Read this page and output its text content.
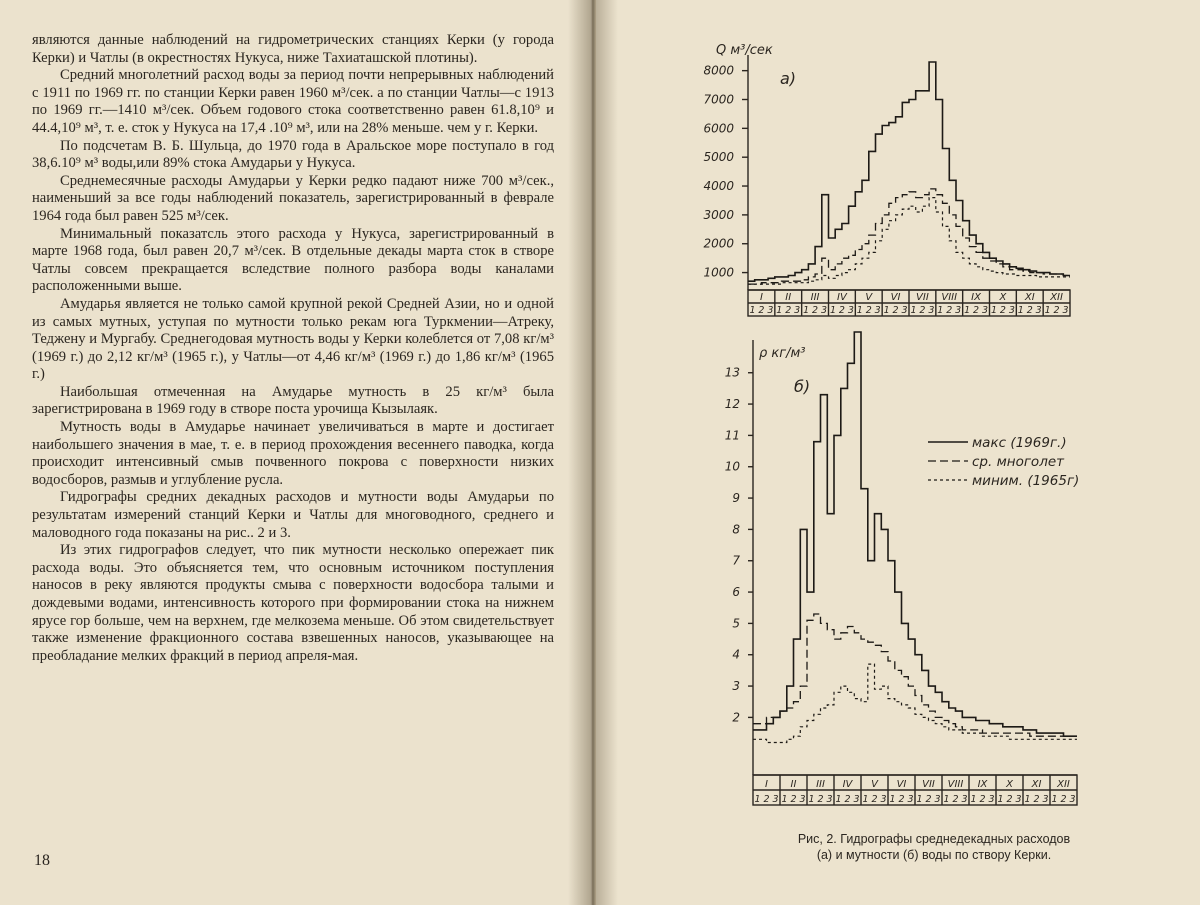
являются данные наблюдений на гидрометрических станциях Керки (у города Керки) и Чатлы (в окрестностях Нукуса, ниже Тахиаташской плотины).

Средний многолетний расход воды за период почти непрерывных наблюдений с 1911 по 1969 гг. по станции Керки равен 1960 м³/сек. а по станции Чатлы—с 1913 по 1969 гг.—1410 м³/сек. Объем годового стока соответственно равен 61.8,10⁹ и 44.4,10⁹ м³, т. е. сток у Нукуса на 17,4 .10⁹ м³, или на 28% меньше. чем у г. Керки.

По подсчетам В. Б. Шульца, до 1970 года в Аральское море поступало в год 38,6.10⁹ м³ воды,или 89% стока Амударьи у Нукуса.

Среднемесячные расходы Амударьи у Керки редко падают ниже 700 м³/сек., наименьший за все годы наблюдений показатель, зарегистрированный в феврале 1964 года был равен 525 м³/сек.

Минимальный показатсль этого расхода у Нукуса, зарегистрированный в марте 1968 года, был равен 20,7 м³/сек. В отдельные декады марта сток в створе Чатлы совсем прекращается вследствие полного разбора воды каналами расположенными выше.

Амударья является не только самой крупной рекой Средней Азии, но и одной из самых мутных, уступая по мутности только рекам юга Туркмении—Атреку, Теджену и Мургабу. Среднегодовая мутность воды у Керки колеблется от 7,08 кг/м³ (1969 г.) до 2,12 кг/м³ (1965 г.), у Чатлы—от 4,46 кг/м³ (1969 г.) до 1,86 кг/м³ (1965 г.)

Наибольшая отмеченная на Амударье мутность в 25 кг/м³ была зарегистрирована в 1969 году в створе поста урочища Кызылаяк.

Мутность воды в Амударье начинает увеличиваться в марте и достигает наибольшего значения в мае, т. е. в период прохождения весеннего паводка, когда происходит интенсивный смыв почвенного покрова с поверхности низких водосборов, размыв и углубление русла.

Гидрографы средних декадных расходов и мутности воды Амударьи по результатам измерений станций Керки и Чатлы для многоводного, среднего и маловодного года показаны на рис.. 2 и 3.

Из этих гидрографов следует, что пик мутности несколько опережает пик расхода воды. Это объясняется тем, что основным источником поступления наносов в реку являются продукты смыва с поверхности водосбора талыми и дождевыми водами, интенсивность которого при формировании стока на нижнем ярусе гор больше, чем на верхнем, где мелкозема меньше. Об этом свидетельствует также изменение фракционного состава взвешенных наносов, указывающее на преобладание мелких фракций в период апреля-мая.

18
Q м³/сек
а)
1000
2000
3000
4000
5000
6000
7000
8000
I
1 2 3
II
1 2 3
III
1 2 3
IV
1 2 3
V
1 2 3
VI
1 2 3
VII
1 2 3
VIII
1 2 3
IX
1 2 3
X
1 2 3
XI
1 2 3
XII
1 2 3
ρ кг/м³
б)
2
3
4
5
6
7
8
9
10
11
12
13
I
1 2 3
II
1 2 3
III
1 2 3
IV
1 2 3
V
1 2 3
VI
1 2 3
VII
1 2 3
VIII
1 2 3
IX
1 2 3
X
1 2 3
XI
1 2 3
XII
1 2 3
макс (1969г.)
ср. многолет
миним. (1965г)
Рис, 2. Гидрографы среднедекадных расходов
(а) и мутности (б) воды по створу Керки.
